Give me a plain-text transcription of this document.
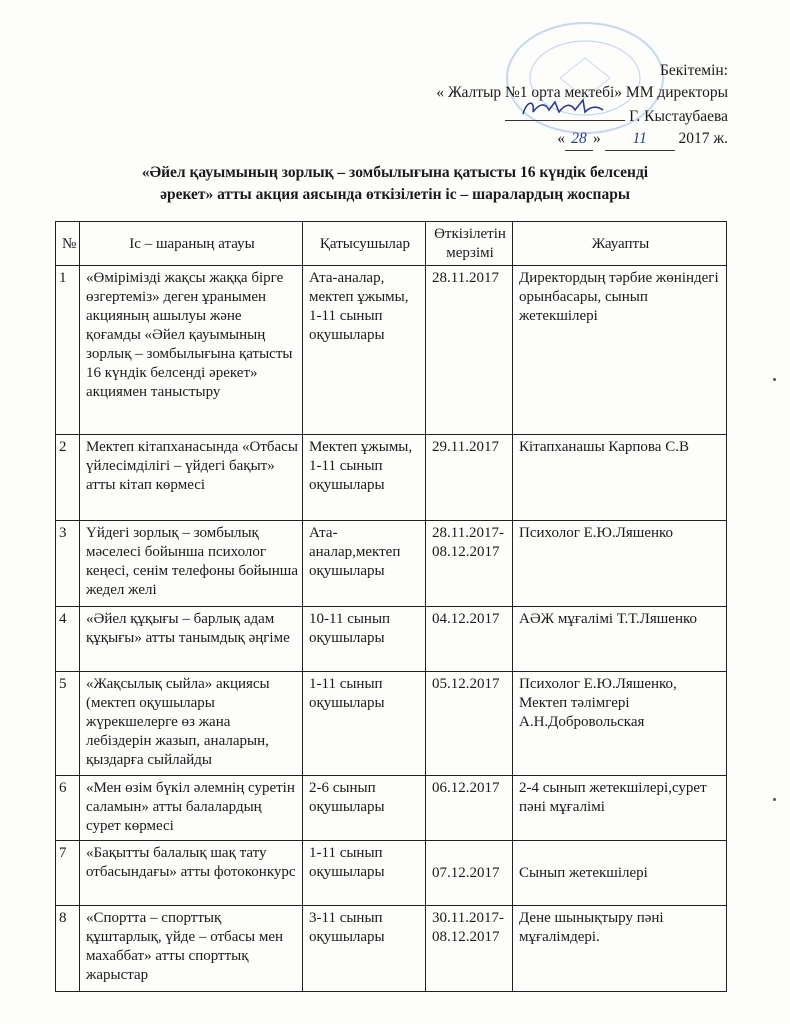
Бекітемін:
« Жалтыр №1 орта мектебі» ММ директоры
Г. Кыстаубаева
« 28 » 11 2017 ж.
«Әйел қауымының зорлық – зомбылығына қатысты 16 күндік белсенді
әрекет» атты акция аясында өткізілетін іс – шаралардың жоспары
№	Іс – шараның атауы	Қатысушылар	Өткізілетін мерзімі	Жауапты
1	«Өміріміздi жақсы жаққа бірге өзгертеміз» деген ұранымен акцияның ашылуы және қоғамды «Әйел қауымының зорлық – зомбылығына қатысты 16 күндік белсенді әрекет» акциямен таныстыру	Ата-аналар, мектеп ұжымы, 1-11 сынып оқушылары	28.11.2017	Директордың тәрбие жөніндегі орынбасары, сынып жетекшілері
2	Мектеп кітапханасында «Отбасы үйлесімділігі – үйдегі бақыт» атты кітап көрмесі	Мектеп ұжымы, 1-11 сынып оқушылары	29.11.2017	Кітапханашы Карпова С.В
3	Үйдегі зорлық – зомбылық мәселесі бойынша психолог кеңесі, сенім телефоны бойынша жедел желі	Ата-аналар,мектеп оқушылары	28.11.2017-08.12.2017	Психолог Е.Ю.Ляшенко
4	«Әйел құқығы – барлық адам құқығы» атты танымдық әңгіме	10-11 сынып оқушылары	04.12.2017	АӘЖ мұғалімі Т.Т.Ляшенко
5	«Жақсылық сыйла» акциясы (мектеп оқушылары жүрекшелерге өз жана лебіздерін жазып, аналарын, қыздарға сыйлайды	1-11 сынып оқушылары	05.12.2017	Психолог Е.Ю.Ляшенко, Мектеп тәлімгері А.Н.Добровольская
6	«Мен өзім бүкіл әлемнің суретін саламын» атты балалардың сурет көрмесі	2-6 сынып оқушылары	06.12.2017	2-4 сынып жетекшілері,сурет пәні мұғалімі
7	«Бақытты балалық шақ тату отбасындағы» атты фотоконкурс	1-11 сынып оқушылары	07.12.2017	Сынып жетекшілері
8	«Спортта – спорттық құштарлық, үйде – отбасы мен махаббат» атты спорттық жарыстар	3-11 сынып оқушылары	30.11.2017-08.12.2017	Дене шынықтыру пәні мұғалімдері.
